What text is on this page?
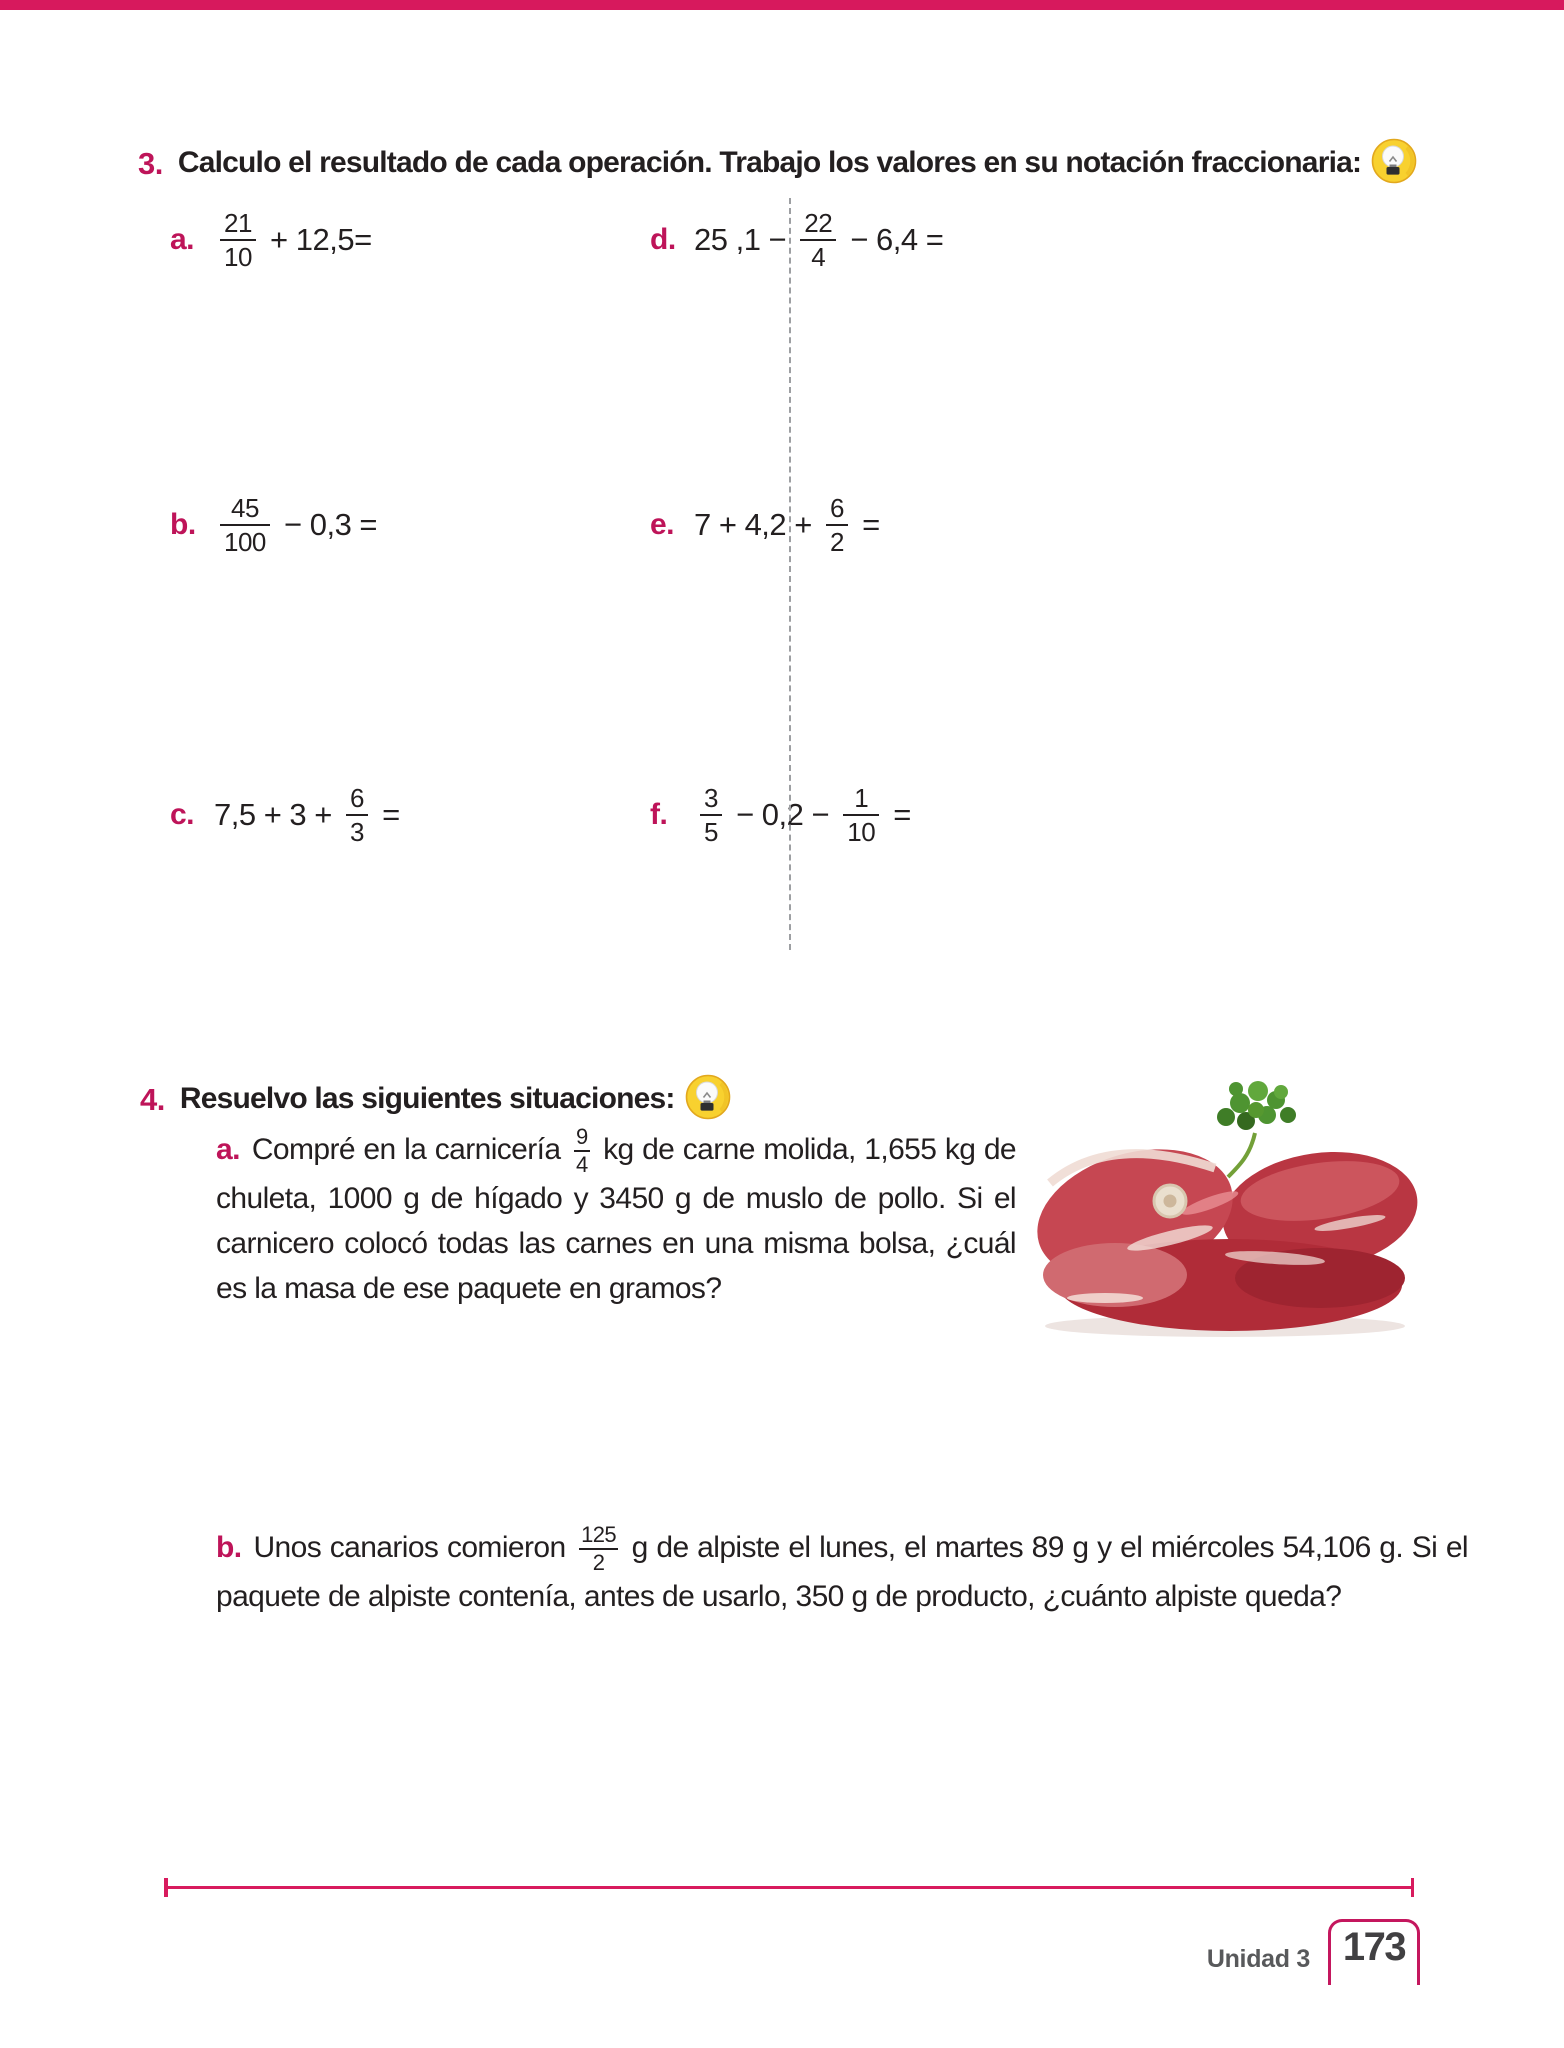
3. Calculo el resultado de cada operación. Trabajo los valores en su notación fraccionaria:
a. $\frac{21}{10} + 12,5=$
b. $\frac{45}{100} - 0,3$ =
c. $7,5 + 3 + \frac{6}{3}$ =
d. 25 $,1 - \frac{22}{4} - 6,4$ =
e. $7 + 4,2 + \frac{6}{2}$ =
f.	$\frac{3}{5} - 0,2 - \frac{1}{10}$ =
4. Resuelvo las siguientes situaciones:
a. Compré en la carnicería $\frac{9}{4}$ kg de carne molida, 1,655 kg de chuleta, 1000 g de hígado y 3450 g de muslo de pollo. Si el carnicero colocó todas las carnes en una misma bolsa, ¿cuál es la masa de ese paquete en gramos?
b. Unos canarios comieron $\frac{125}{2}$ g de alpiste el lunes, el martes 89 g y el miércoles 54,106 g. Si el paquete de alpiste contenía, antes de usarlo, 350 g de producto, ¿cuánto alpiste queda?
Unidad 3 173
